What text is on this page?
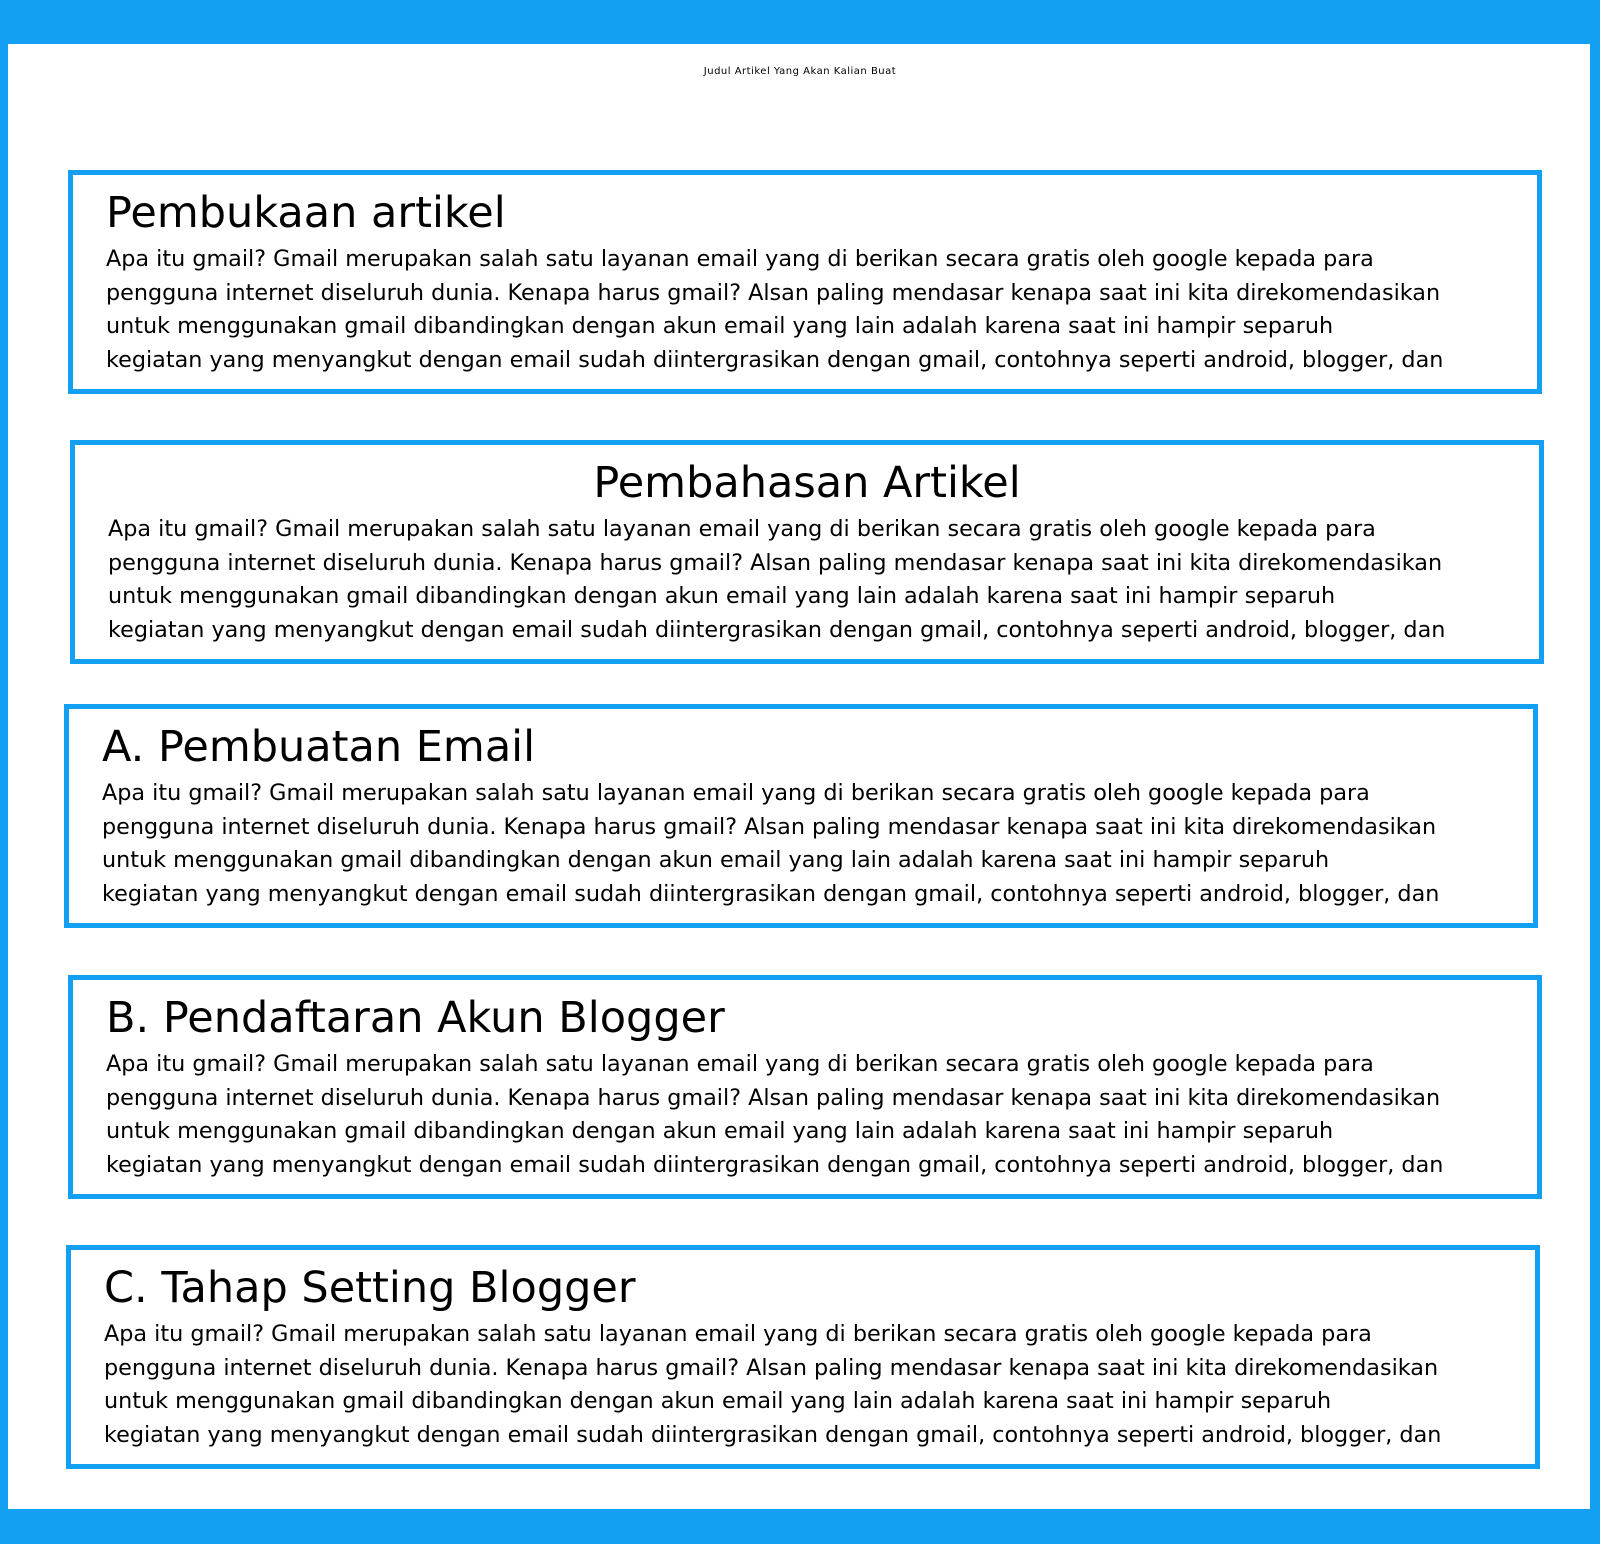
Judul Artikel Yang Akan Kalian Buat
Pembukaan artikel
Apa itu gmail? Gmail merupakan salah satu layanan email yang di berikan secara gratis oleh google kepada para
pengguna internet diseluruh dunia. Kenapa harus gmail? Alsan paling mendasar kenapa saat ini kita direkomendasikan
untuk menggunakan gmail dibandingkan dengan akun email yang lain adalah karena saat ini hampir separuh
kegiatan yang menyangkut dengan email sudah diintergrasikan dengan gmail, contohnya seperti android, blogger, dan
Pembahasan Artikel
Apa itu gmail? Gmail merupakan salah satu layanan email yang di berikan secara gratis oleh google kepada para
pengguna internet diseluruh dunia. Kenapa harus gmail? Alsan paling mendasar kenapa saat ini kita direkomendasikan
untuk menggunakan gmail dibandingkan dengan akun email yang lain adalah karena saat ini hampir separuh
kegiatan yang menyangkut dengan email sudah diintergrasikan dengan gmail, contohnya seperti android, blogger, dan
A. Pembuatan Email
Apa itu gmail? Gmail merupakan salah satu layanan email yang di berikan secara gratis oleh google kepada para
pengguna internet diseluruh dunia. Kenapa harus gmail? Alsan paling mendasar kenapa saat ini kita direkomendasikan
untuk menggunakan gmail dibandingkan dengan akun email yang lain adalah karena saat ini hampir separuh
kegiatan yang menyangkut dengan email sudah diintergrasikan dengan gmail, contohnya seperti android, blogger, dan
B. Pendaftaran Akun Blogger
Apa itu gmail? Gmail merupakan salah satu layanan email yang di berikan secara gratis oleh google kepada para
pengguna internet diseluruh dunia. Kenapa harus gmail? Alsan paling mendasar kenapa saat ini kita direkomendasikan
untuk menggunakan gmail dibandingkan dengan akun email yang lain adalah karena saat ini hampir separuh
kegiatan yang menyangkut dengan email sudah diintergrasikan dengan gmail, contohnya seperti android, blogger, dan
C. Tahap Setting Blogger
Apa itu gmail? Gmail merupakan salah satu layanan email yang di berikan secara gratis oleh google kepada para
pengguna internet diseluruh dunia. Kenapa harus gmail? Alsan paling mendasar kenapa saat ini kita direkomendasikan
untuk menggunakan gmail dibandingkan dengan akun email yang lain adalah karena saat ini hampir separuh
kegiatan yang menyangkut dengan email sudah diintergrasikan dengan gmail, contohnya seperti android, blogger, dan
